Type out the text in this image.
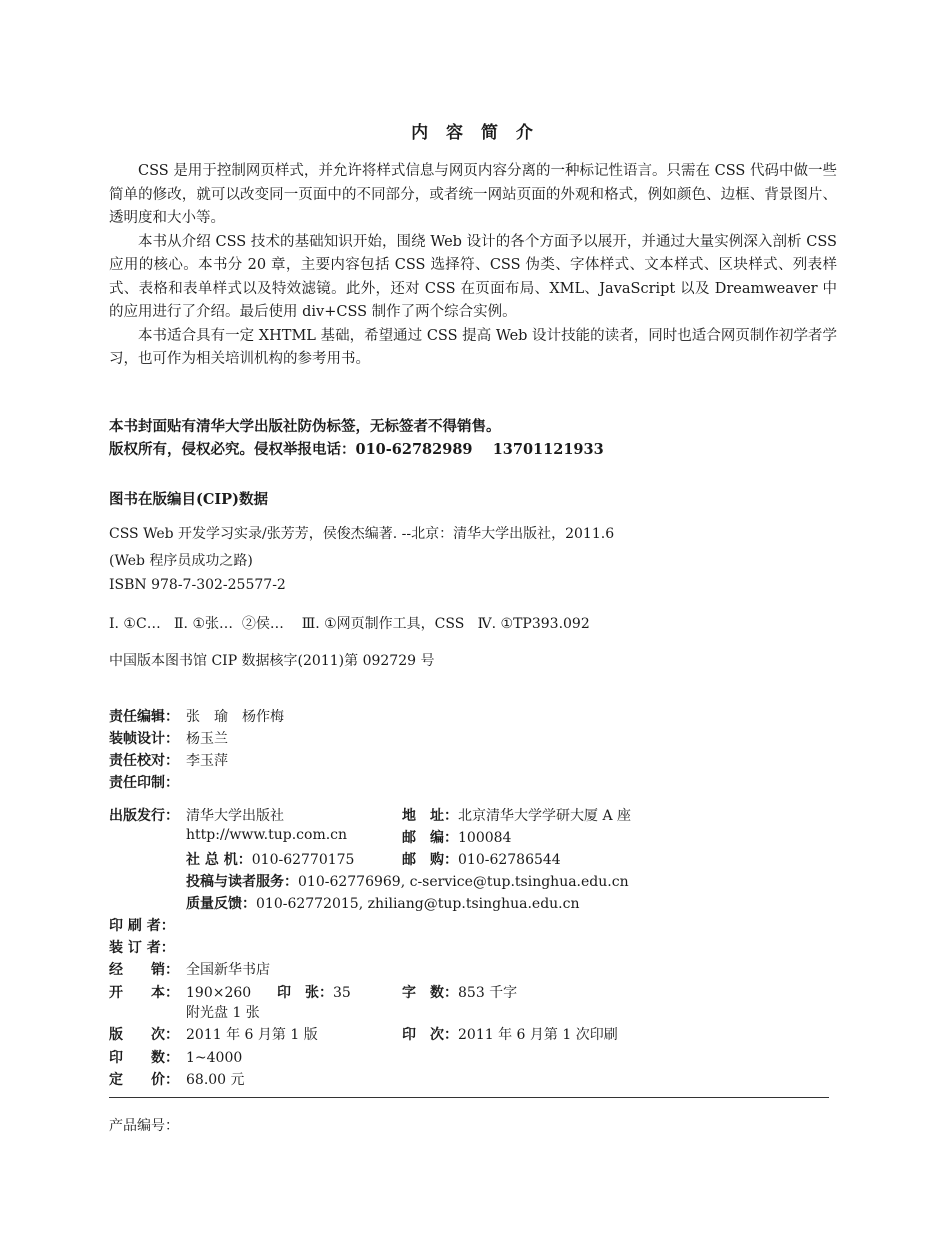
内 容 简 介

CSS 是用于控制网页样式，并允许将样式信息与网页内容分离的一种标记性语言。只需在 CSS 代码中做一些简单的修改，就可以改变同一页面中的不同部分，或者统一网站页面的外观和格式，例如颜色、边框、背景图片、透明度和大小等。

本书从介绍 CSS 技术的基础知识开始，围绕 Web 设计的各个方面予以展开，并通过大量实例深入剖析 CSS 应用的核心。本书分 20 章，主要内容包括 CSS 选择符、CSS 伪类、字体样式、文本样式、区块样式、列表样式、表格和表单样式以及特效滤镜。此外，还对 CSS 在页面布局、XML、JavaScript 以及 Dreamweaver 中的应用进行了介绍。最后使用 div+CSS 制作了两个综合实例。

本书适合具有一定 XHTML 基础，希望通过 CSS 提高 Web 设计技能的读者，同时也适合网页制作初学者学习，也可作为相关培训机构的参考用书。

本书封面贴有清华大学出版社防伪标签，无标签者不得销售。
版权所有，侵权必究。侵权举报电话：010-62782989    13701121933
图书在版编目(CIP)数据
CSS Web 开发学习实录/张芳芳，侯俊杰编著. --北京：清华大学出版社，2011.6
(Web 程序员成功之路)
ISBN 978-7-302-25577-2
Ⅰ. ①C…   Ⅱ. ①张…  ②侯…    Ⅲ. ①网页制作工具，CSS   Ⅳ. ①TP393.092
中国版本图书馆 CIP 数据核字(2011)第 092729 号
责任编辑： 张　瑜　杨作梅
装帧设计： 杨玉兰
责任校对： 李玉萍
责任印制：
出版发行： 清华大学出版社	地　址：北京清华大学学研大厦 A 座
http://www.tup.com.cn	邮　编：100084
社 总 机：010-62770175	邮　购：010-62786544
投稿与读者服务：010-62776969, c-service@tup.tsinghua.edu.cn
质量反馈：010-62772015, zhiliang@tup.tsinghua.edu.cn
印 刷 者：
装 订 者：
经　　销： 全国新华书店
开　　本： 190×260 印　张：35	字　数：853 千字
附光盘 1 张
版　　次： 2011 年 6 月第 1 版	印　次：2011 年 6 月第 1 次印刷
印　　数： 1~4000
定　　价： 68.00 元
产品编号：
